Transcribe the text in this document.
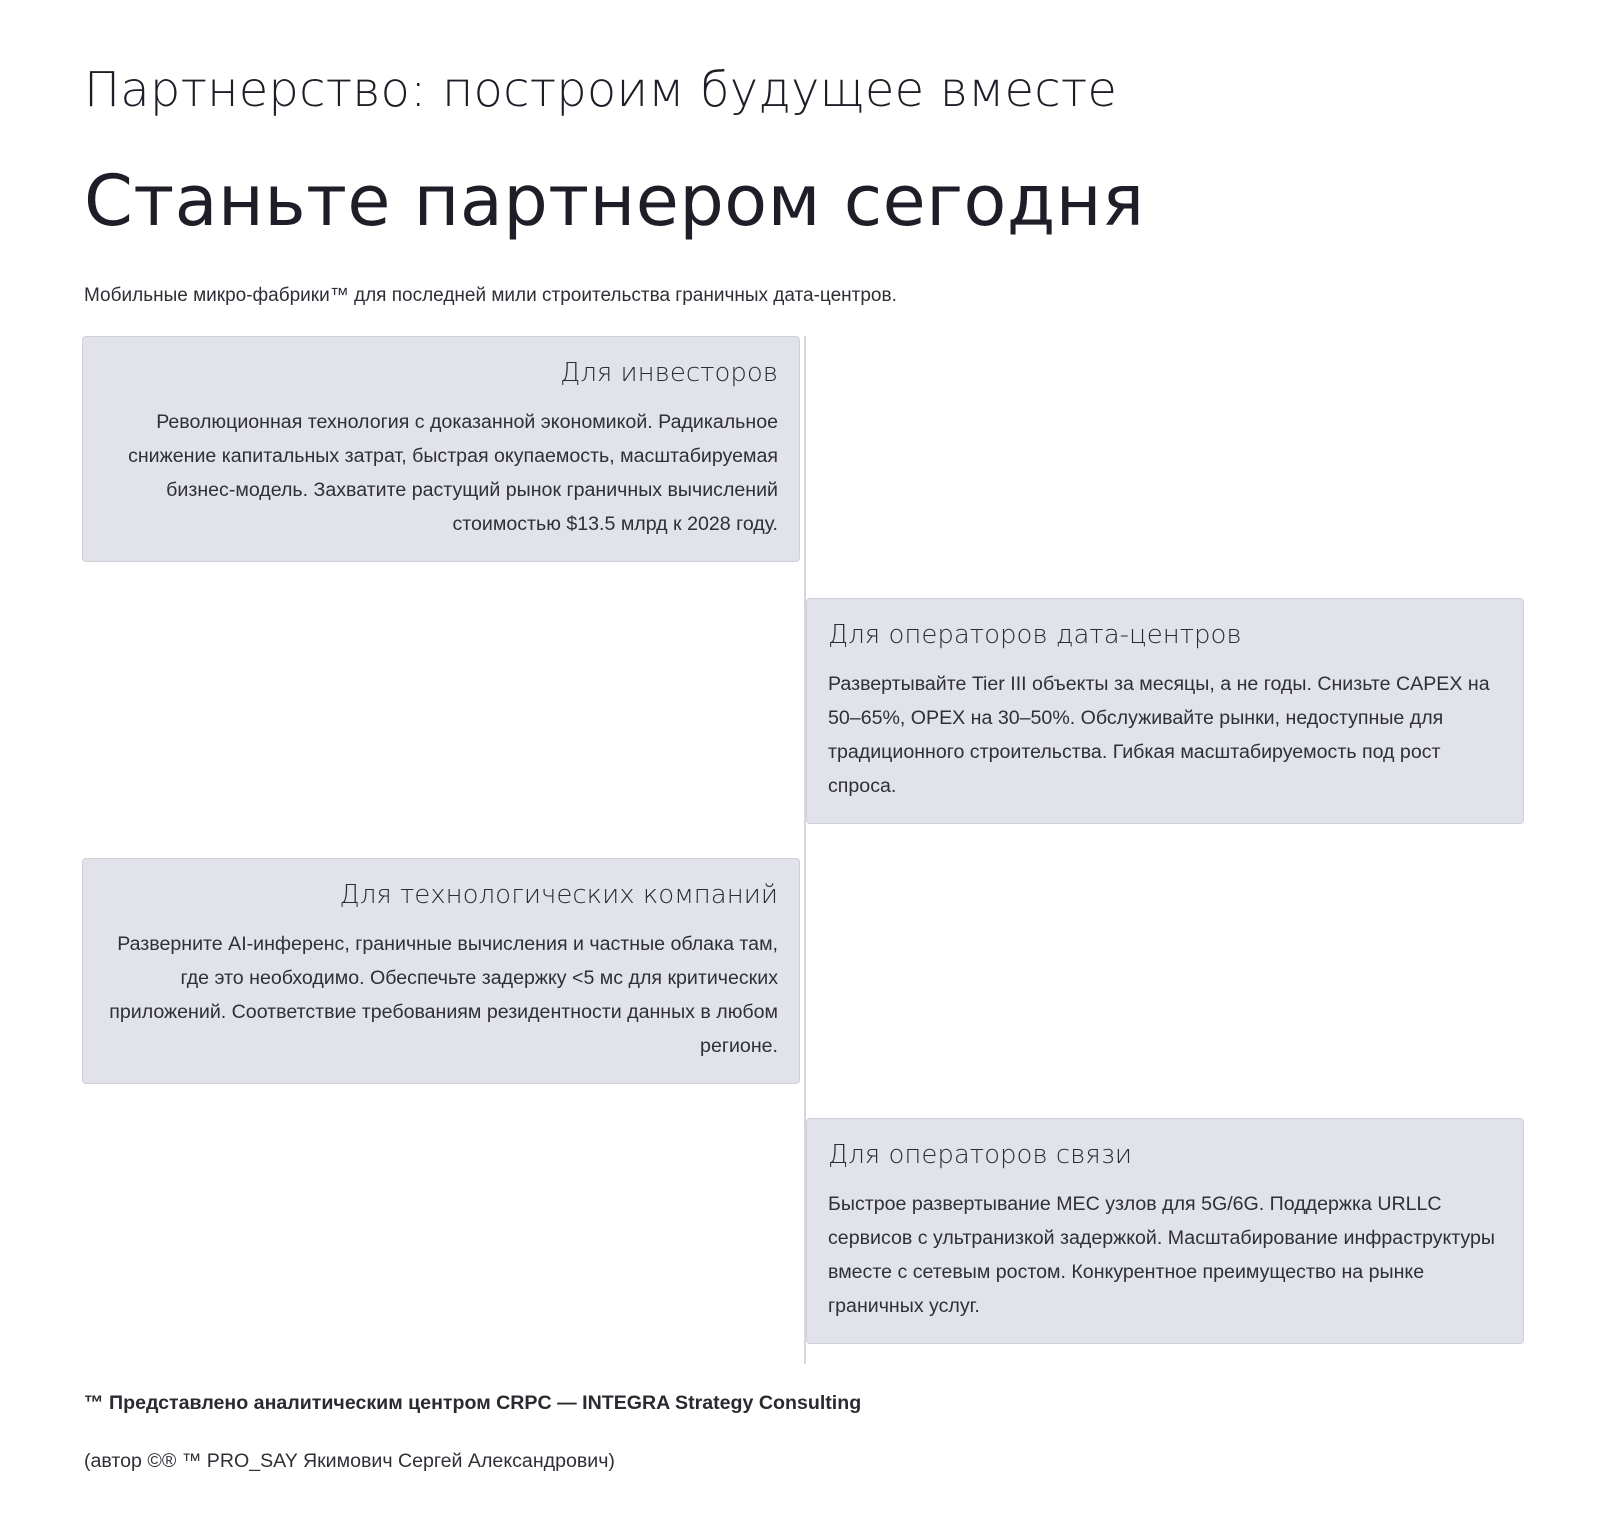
Партнерство: построим будущее вместе
Станьте партнером сегодня

Мобильные микро-фабрики™ для последней мили строительства граничных дата-центров.

Для инвесторов

Революционная технология с доказанной экономикой. Радикальное снижение капитальных затрат, быстрая окупаемость, масштабируемая бизнес-модель. Захватите растущий рынок граничных вычислений стоимостью $13.5 млрд к 2028 году.

Для операторов дата-центров

Развертывайте Tier III объекты за месяцы, а не годы. Снизьте CAPEX на 50–65%, OPEX на 30–50%. Обслуживайте рынки, недоступные для традиционного строительства. Гибкая масштабируемость под рост спроса.

Для технологических компаний

Разверните AI-инференс, граничные вычисления и частные облака там, где это необходимо. Обеспечьте задержку <5 мс для критических приложений. Соответствие требованиям резидентности данных в любом регионе.

Для операторов связи

Быстрое развертывание MEC узлов для 5G/6G. Поддержка URLLC сервисов с ультранизкой задержкой. Масштабирование инфраструктуры вместе с сетевым ростом. Конкурентное преимущество на рынке граничных услуг.

™ Представлено аналитическим центром CRPC — INTEGRA Strategy Consulting

(автор ©® ™ PRO_SAY Якимович Сергей Александрович)
